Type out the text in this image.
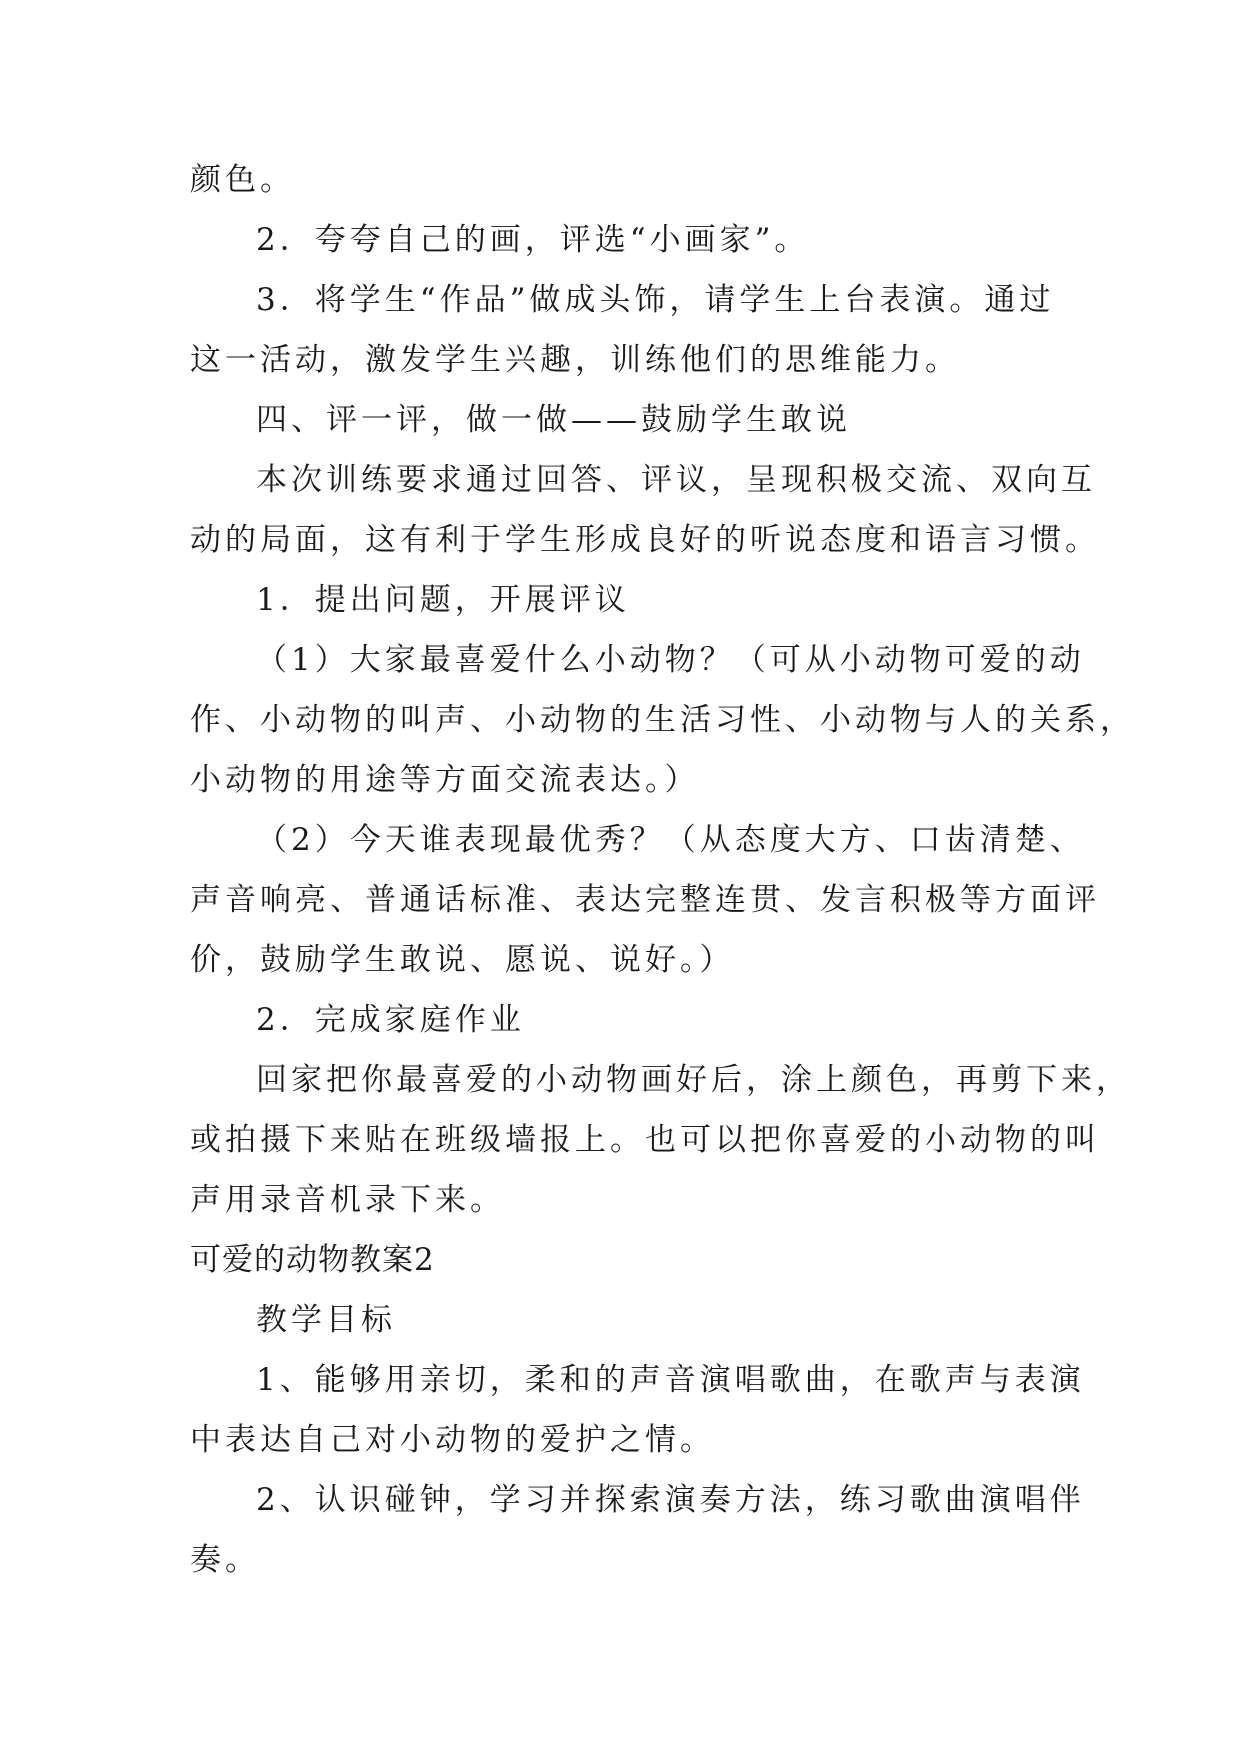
颜色。

2．夸夸自己的画，评选“小画家”。

3．将学生“作品”做成头饰，请学生上台表演。通过

这一活动，激发学生兴趣，训练他们的思维能力。

四、评一评，做一做——鼓励学生敢说

本次训练要求通过回答、评议，呈现积极交流、双向互

动的局面，这有利于学生形成良好的听说态度和语言习惯。

1．提出问题，开展评议

（1）大家最喜爱什么小动物？（可从小动物可爱的动

作、小动物的叫声、小动物的生活习性、小动物与人的关系，

小动物的用途等方面交流表达。）

（2）今天谁表现最优秀？（从态度大方、口齿清楚、

声音响亮、普通话标准、表达完整连贯、发言积极等方面评

价，鼓励学生敢说、愿说、说好。）

2．完成家庭作业

回家把你最喜爱的小动物画好后，涂上颜色，再剪下来，

或拍摄下来贴在班级墙报上。也可以把你喜爱的小动物的叫

声用录音机录下来。

可爱的动物教案2

教学目标

1、能够用亲切，柔和的声音演唱歌曲，在歌声与表演

中表达自己对小动物的爱护之情。

2、认识碰钟，学习并探索演奏方法，练习歌曲演唱伴

奏。
